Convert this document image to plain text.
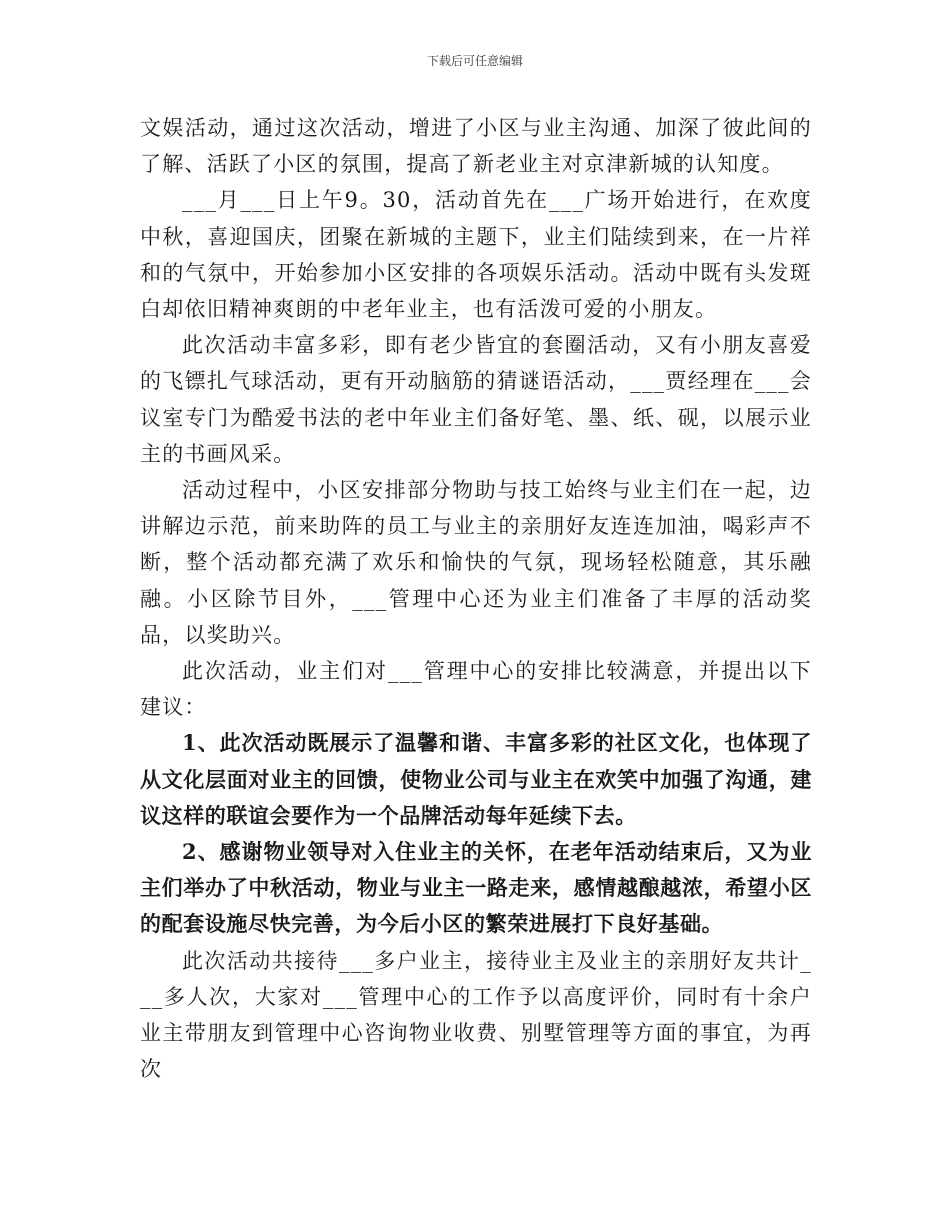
下载后可任意编辑

文娱活动，通过这次活动，增进了小区与业主沟通、加深了彼此间的了解、活跃了小区的氛围，提高了新老业主对京津新城的认知度。

___月___日上午9。30，活动首先在___广场开始进行，在欢度中秋，喜迎国庆，团聚在新城的主题下，业主们陆续到来，在一片祥和的气氛中，开始参加小区安排的各项娱乐活动。活动中既有头发斑白却依旧精神爽朗的中老年业主，也有活泼可爱的小朋友。

此次活动丰富多彩，即有老少皆宜的套圈活动，又有小朋友喜爱的飞镖扎气球活动，更有开动脑筋的猜谜语活动，___贾经理在___会议室专门为酷爱书法的老中年业主们备好笔、墨、纸、砚，以展示业主的书画风采。

活动过程中，小区安排部分物助与技工始终与业主们在一起，边讲解边示范，前来助阵的员工与业主的亲朋好友连连加油，喝彩声不断，整个活动都充满了欢乐和愉快的气氛，现场轻松随意，其乐融融。小区除节目外，___管理中心还为业主们准备了丰厚的活动奖品，以奖助兴。

此次活动，业主们对___管理中心的安排比较满意，并提出以下建议：

1、此次活动既展示了温馨和谐、丰富多彩的社区文化，也体现了从文化层面对业主的回馈，使物业公司与业主在欢笑中加强了沟通，建议这样的联谊会要作为一个品牌活动每年延续下去。

2、感谢物业领导对入住业主的关怀，在老年活动结束后，又为业主们举办了中秋活动，物业与业主一路走来，感情越酿越浓，希望小区的配套设施尽快完善，为今后小区的繁荣进展打下良好基础。

此次活动共接待___多户业主，接待业主及业主的亲朋好友共计___多人次，大家对___管理中心的工作予以高度评价，同时有十余户业主带朋友到管理中心咨询物业收费、别墅管理等方面的事宜，为再次
